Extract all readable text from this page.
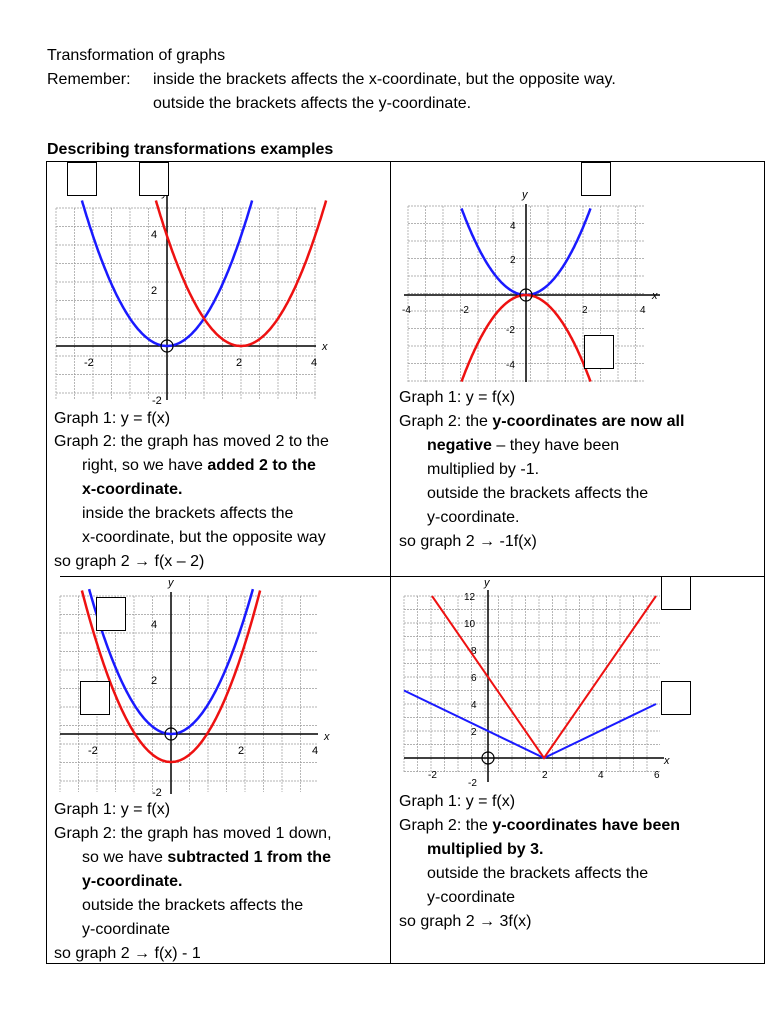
Transformation of graphs
Remember: inside the brackets affects the x-coordinate, but the opposite way.
outside the brackets affects the y-coordinate.
Describing transformations examples
x
-2	2	4
-2
2
4
Graph 1: y = f(x)
Graph 2: the graph has moved 2 to the
right, so we have added 2 to the
x-coordinate.
inside the brackets affects the
x-coordinate, but the opposite way
so graph 2 → f(x – 2)
x
y
-4	-2	2	4
4
2
-2
-4
Graph 1: y = f(x)
Graph 2: the y-coordinates are now all
negative – they have been
multiplied by -1.
outside the brackets affects the
y-coordinate.
so graph 2 → -1f(x)
x
y
-2	2	4
-2
2
4
Graph 1: y = f(x)
Graph 2: the graph has moved 1 down,
so we have subtracted 1 from the
y-coordinate.
outside the brackets affects the
y-coordinate
so graph 2 → f(x) - 1
x
y
-2	2	4	6
12
10
8
6
4
2
-2
Graph 1: y = f(x)
Graph 2: the y-coordinates have been
multiplied by 3.
outside the brackets affects the
y-coordinate
so graph 2 → 3f(x)
